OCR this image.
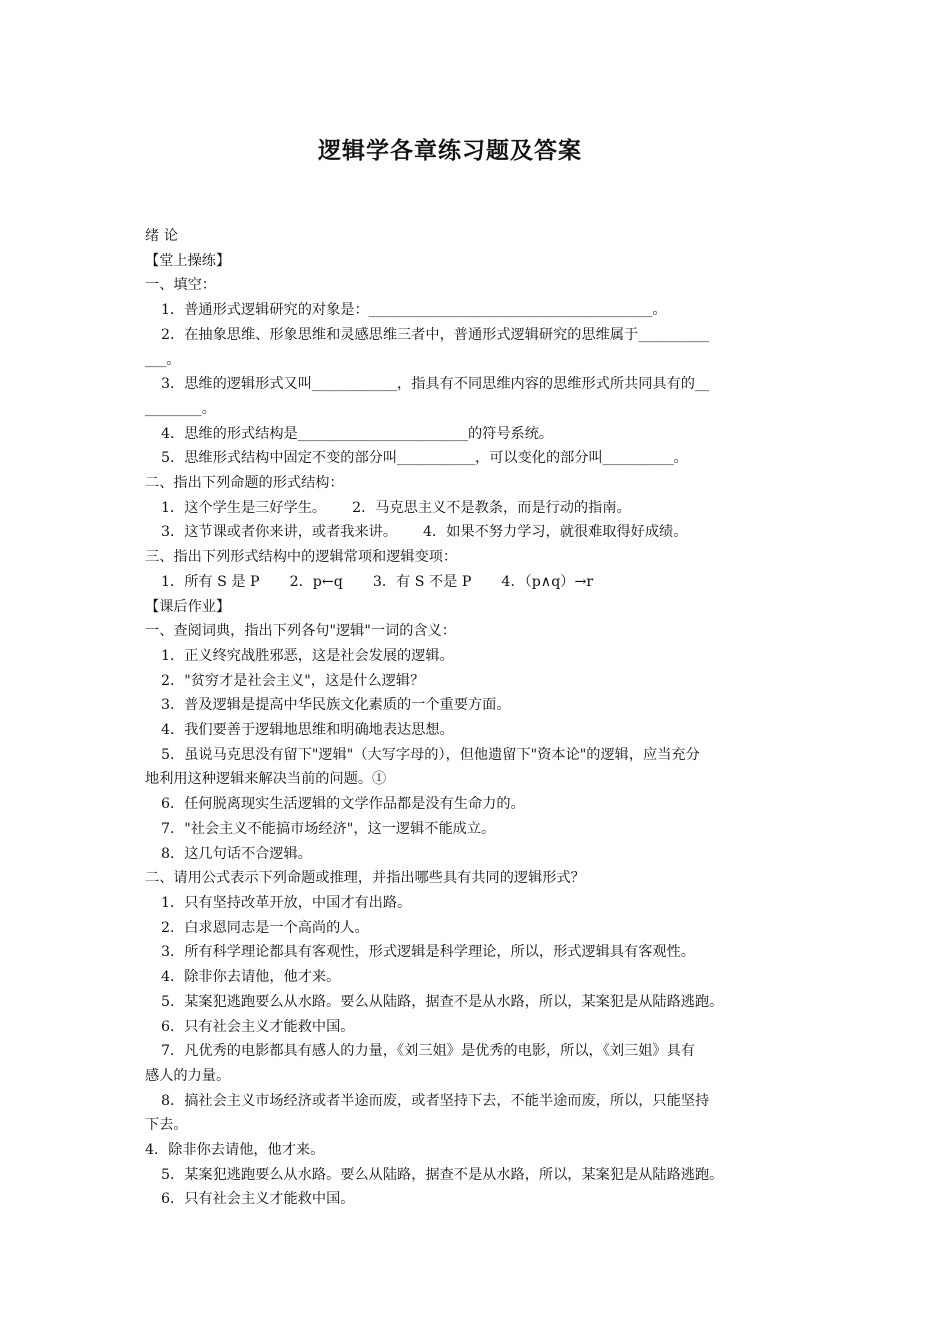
逻辑学各章练习题及答案

绪 论

【堂上操练】

一、填空：

1．普通形式逻辑研究的对象是：________________________________________。

2．在抽象思维、形象思维和灵感思维三者中，普通形式逻辑研究的思维属于__________

___。

3．思维的逻辑形式又叫____________，指具有不同思维内容的思维形式所共同具有的__

________。

4．思维的形式结构是________________________的符号系统。

5．思维形式结构中固定不变的部分叫___________，可以变化的部分叫__________。

二、指出下列命题的形式结构：

1．这个学生是三好学生。 2．马克思主义不是教条，而是行动的指南。

3．这节课或者你来讲，或者我来讲。 4．如果不努力学习，就很难取得好成绩。

三、指出下列形式结构中的逻辑常项和逻辑变项：

1．所有 S 是 P 2．p←q 3．有 S 不是 P 4．（p∧q）→r

【课后作业】

一、查阅词典，指出下列各句"逻辑"一词的含义：

1．正义终究战胜邪恶，这是社会发展的逻辑。

2．"贫穷才是社会主义"，这是什么逻辑？

3．普及逻辑是提高中华民族文化素质的一个重要方面。

4．我们要善于逻辑地思维和明确地表达思想。

5．虽说马克思没有留下"逻辑"（大写字母的），但他遗留下"资本论"的逻辑，应当充分

地利用这种逻辑来解决当前的问题。①

6．任何脱离现实生活逻辑的文学作品都是没有生命力的。

7．"社会主义不能搞市场经济"，这一逻辑不能成立。

8．这几句话不合逻辑。

二、请用公式表示下列命题或推理，并指出哪些具有共同的逻辑形式？

1．只有坚持改革开放，中国才有出路。

2．白求恩同志是一个高尚的人。

3．所有科学理论都具有客观性，形式逻辑是科学理论，所以，形式逻辑具有客观性。

4．除非你去请他，他才来。

5．某案犯逃跑要么从水路。要么从陆路，据查不是从水路，所以，某案犯是从陆路逃跑。

6．只有社会主义才能救中国。

7．凡优秀的电影都具有感人的力量，《刘三姐》是优秀的电影，所以，《刘三姐》具有

感人的力量。

8．搞社会主义市场经济或者半途而废，或者坚持下去，不能半途而废，所以，只能坚持

下去。

4．除非你去请他，他才来。

5．某案犯逃跑要么从水路。要么从陆路，据查不是从水路，所以，某案犯是从陆路逃跑。

6．只有社会主义才能救中国。
